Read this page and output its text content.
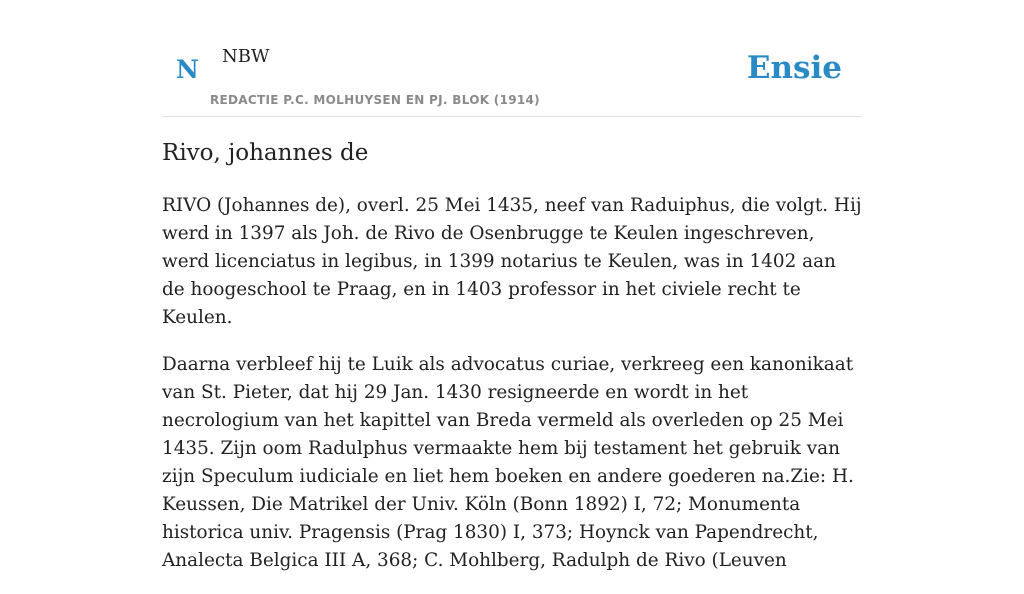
N NBW
REDACTIE P.C. MOLHUYSEN EN PJ. BLOK (1914)
Ensie
Rivo, johannes de

RIVO (Johannes de), overl. 25 Mei 1435, neef van Raduiphus, die volgt. Hij werd in 1397 als Joh. de Rivo de Osenbrugge te Keulen ingeschreven, werd licenciatus in legibus, in 1399 notarius te Keulen, was in 1402 aan de hoogeschool te Praag, en in 1403 professor in het civiele recht te Keulen.

Daarna verbleef hij te Luik als advocatus curiae, verkreeg een kanonikaat van St. Pieter, dat hij 29 Jan. 1430 resigneerde en wordt in het necrologium van het kapittel van Breda vermeld als overleden op 25 Mei 1435. Zijn oom Radulphus vermaakte hem bij testament het gebruik van zijn Speculum iudiciale en liet hem boeken en andere goederen na.Zie: H. Keussen, Die Matrikel der Univ. Köln (Bonn 1892) I, 72; Monumenta historica univ. Pragensis (Prag 1830) I, 373; Hoynck van Papendrecht, Analecta Belgica III A, 368; C. Mohlberg, Radulph de Rivo (Leuven
